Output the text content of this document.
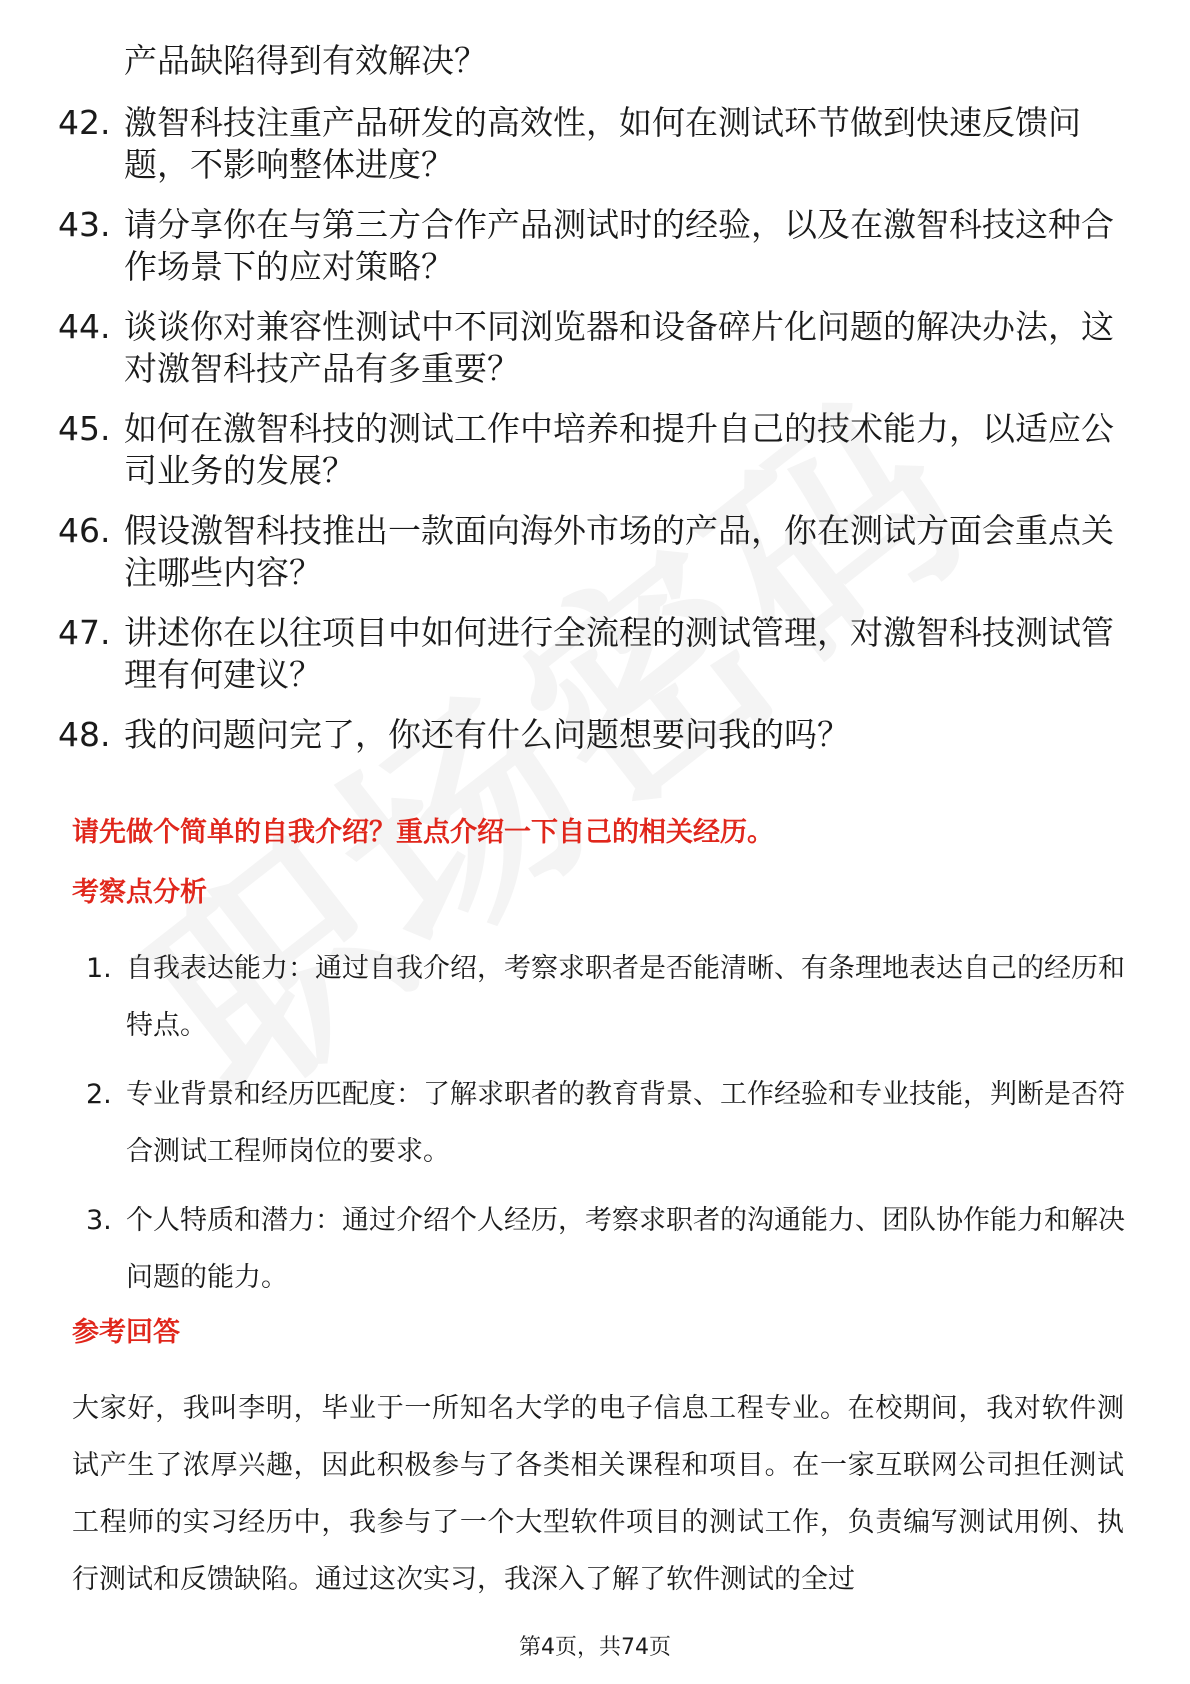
产品缺陷得到有效解决？
42. 激智科技注重产品研发的高效性，如何在测试环节做到快速反馈问题，不影响整体进度？
43. 请分享你在与第三方合作产品测试时的经验，以及在激智科技这种合作场景下的应对策略？
44. 谈谈你对兼容性测试中不同浏览器和设备碎片化问题的解决办法，这对激智科技产品有多重要？
45. 如何在激智科技的测试工作中培养和提升自己的技术能力，以适应公司业务的发展？
46. 假设激智科技推出一款面向海外市场的产品，你在测试方面会重点关注哪些内容？
47. 讲述你在以往项目中如何进行全流程的测试管理，对激智科技测试管理有何建议？
48. 我的问题问完了，你还有什么问题想要问我的吗？
请先做个简单的自我介绍？重点介绍一下自己的相关经历。
考察点分析
1. 自我表达能力：通过自我介绍，考察求职者是否能清晰、有条理地表达自己的经历和特点。
2. 专业背景和经历匹配度：了解求职者的教育背景、工作经验和专业技能，判断是否符合测试工程师岗位的要求。
3. 个人特质和潜力：通过介绍个人经历，考察求职者的沟通能力、团队协作能力和解决问题的能力。
参考回答
大家好，我叫李明，毕业于一所知名大学的电子信息工程专业。在校期间，我对软件测试产生了浓厚兴趣，因此积极参与了各类相关课程和项目。在一家互联网公司担任测试工程师的实习经历中，我参与了一个大型软件项目的测试工作，负责编写测试用例、执行测试和反馈缺陷。通过这次实习，我深入了解了软件测试的全过
第4页，共74页
